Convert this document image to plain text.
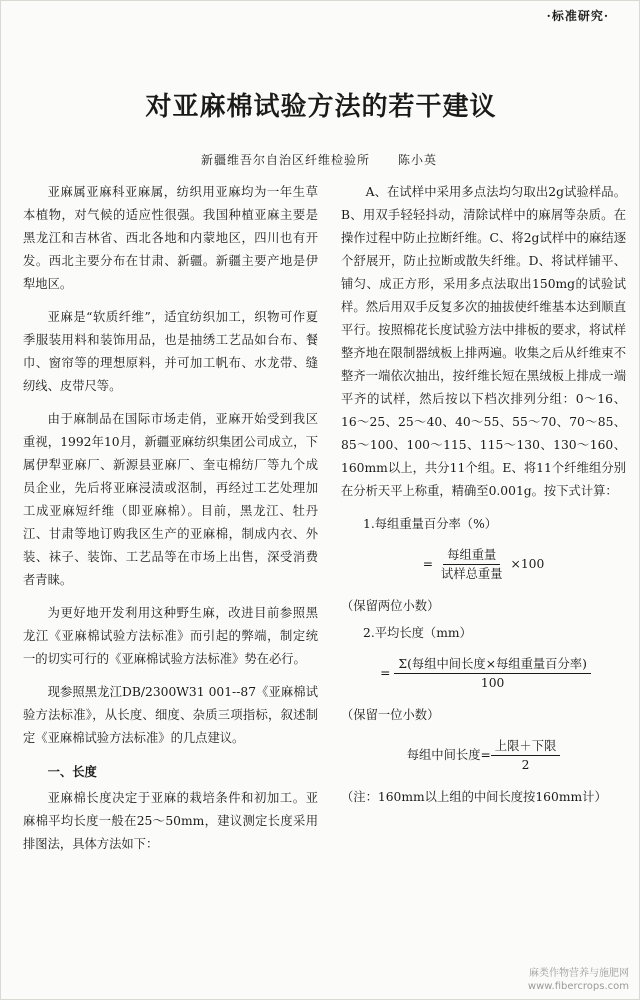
·标准研究·
对亚麻棉试验方法的若干建议
新疆维吾尔自治区纤维检验所 陈小英

亚麻属亚麻科亚麻属，纺织用亚麻均为一年生草本植物，对气候的适应性很强。我国种植亚麻主要是黑龙江和吉林省、西北各地和内蒙地区，四川也有开发。西北主要分布在甘肃、新疆。新疆主要产地是伊犁地区。

亚麻是“软质纤维”，适宜纺织加工，织物可作夏季服装用料和装饰用品，也是抽绣工艺品如台布、餐巾、窗帘等的理想原料，并可加工帆布、水龙带、缝纫线、皮带尺等。

由于麻制品在国际市场走俏，亚麻开始受到我区重视，1992年10月，新疆亚麻纺织集团公司成立，下属伊犁亚麻厂、新源县亚麻厂、奎屯棉纺厂等九个成员企业，先后将亚麻浸渍或沤制，再经过工艺处理加工成亚麻短纤维（即亚麻棉）。目前，黑龙江、牡丹江、甘肃等地订购我区生产的亚麻棉，制成内衣、外装、袜子、装饰、工艺品等在市场上出售，深受消费者青睐。

为更好地开发利用这种野生麻，改进目前参照黑龙江《亚麻棉试验方法标准》而引起的弊端，制定统一的切实可行的《亚麻棉试验方法标准》势在必行。

现参照黑龙江DB/2300W31 001--87《亚麻棉试验方法标准》，从长度、细度、杂质三项指标，叙述制定《亚麻棉试验方法标准》的几点建议。

一、长度

亚麻棉长度决定于亚麻的栽培条件和初加工。亚麻棉平均长度一般在25～50mm，建议测定长度采用排图法，具体方法如下：

A、在试样中采用多点法均匀取出2g试验样品。B、用双手轻轻抖动，清除试样中的麻屑等杂质。在操作过程中防止拉断纤维。C、将2g试样中的麻结逐个舒展开，防止拉断或散失纤维。D、将试样铺平、铺匀、成正方形，采用多点法取出150mg的试验试样。然后用双手反复多次的抽拔使纤维基本达到顺直平行。按照棉花长度试验方法中排板的要求，将试样整齐地在限制器绒板上排两遍。收集之后从纤维束不整齐一端依次抽出，按纤维长短在黑绒板上排成一端平齐的试样，然后按以下档次排列分组：0～16、16～25、25～40、40～55、55～70、70～85、85～100、100～115、115～130、130～160、160mm以上，共分11个组。E、将11个纤维组分别在分析天平上称重，精确至0.001g。按下式计算：

1.每组重量百分率（%）
= $\frac{\text{每组重量}}{\text{试样总重量}} \times 100$
（保留两位小数）
2.平均长度（mm）
= $\frac{\text{Σ(每组中间长度×每组重量百分率)}}{100}$
（保留一位小数）
每组中间长度= $\frac{\text{上限＋下限}}{2}$
（注：160mm以上组的中间长度按160mm计）
麻类作物营养与施肥网
www.fibercrops.com
